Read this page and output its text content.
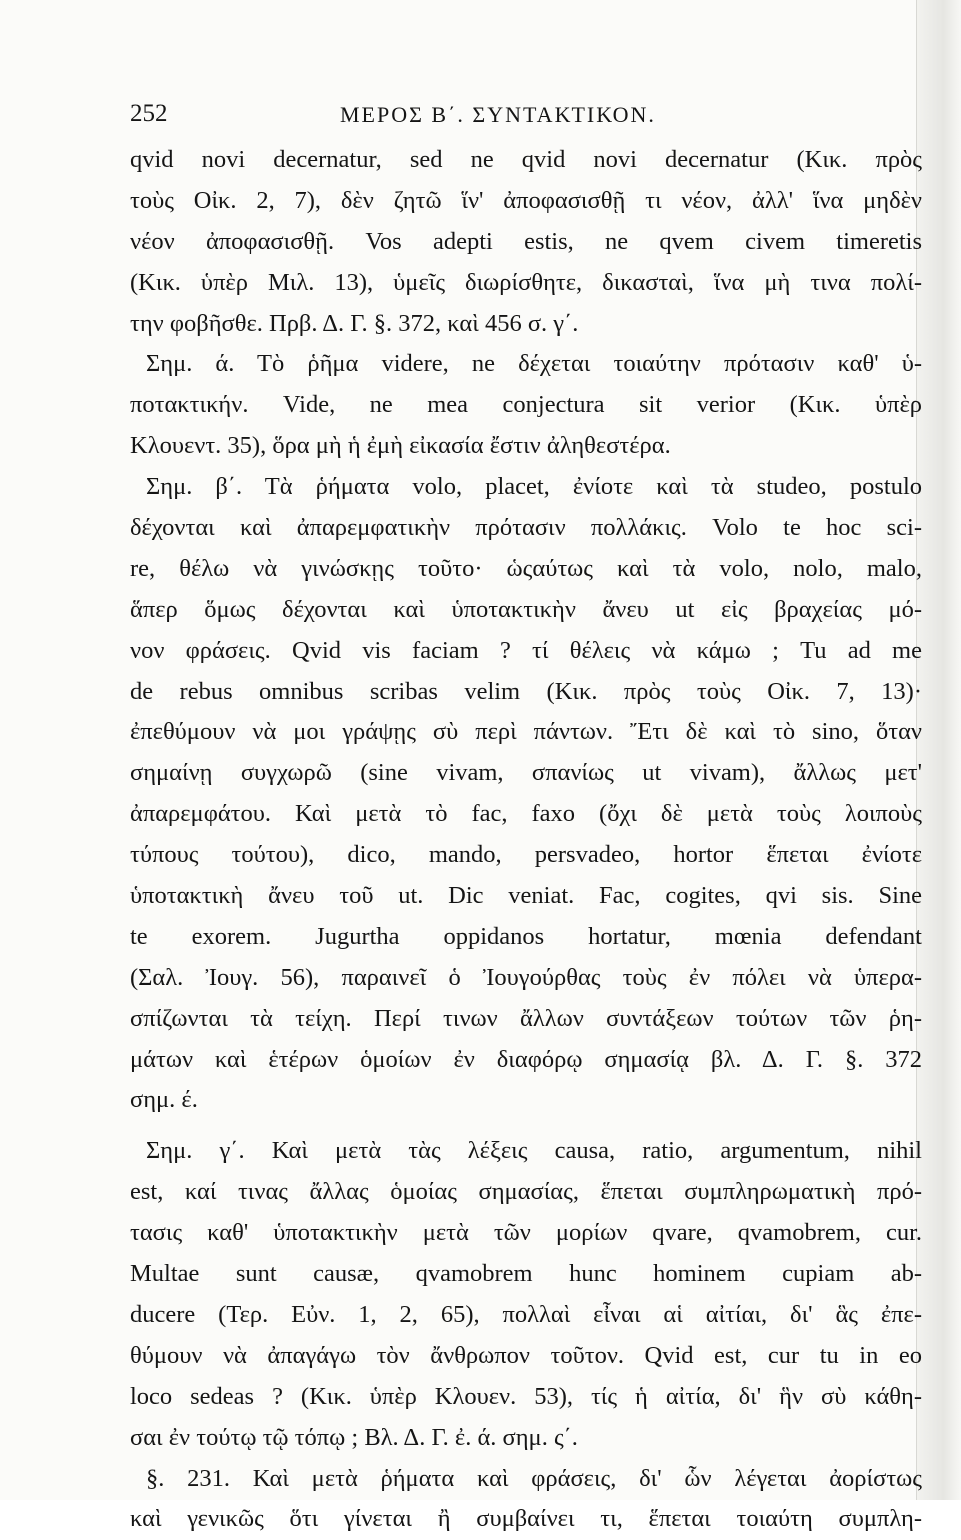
252	ΜΕΡΟΣ Β΄. ΣΥΝΤΑΚΤΙΚΟΝ.
qvid novi decernatur, sed ne qvid novi decernatur (Κικ. πρὸς
τοὺς Οἰκ. 2, 7), δὲν ζητῶ ἵν' ἀποφασισθῇ τι νέον, ἀλλ' ἵνα μηδὲν
νέον ἀποφασισθῇ. Vos adepti estis, ne qvem civem timeretis
(Κικ. ὑπὲρ Μιλ. 13), ὑμεῖς διωρίσθητε, δικασταὶ, ἵνα μὴ τινα πολί-
την φοβῆσθε. Πρβ. Δ. Γ. §. 372, καὶ 456 σ. γ΄.
Σημ. ά. Τὸ ῥῆμα videre, ne δέχεται τοιαύτην πρότασιν καθ' ὑ-
ποτακτικήν. Vide, ne mea conjectura sit verior (Κικ. ὑπὲρ
Κλουεντ. 35), ὅρα μὴ ἡ ἐμὴ εἰκασία ἔστιν ἀληθεστέρα.
Σημ. β΄. Τὰ ῥήματα volo, placet, ἐνίοτε καὶ τὰ studeo, postulo
δέχονται καὶ ἀπαρεμφατικὴν πρότασιν πολλάκις. Volo te hoc sci-
re, θέλω νὰ γινώσκῃς τοῦτο· ὡςαύτως καὶ τὰ volo, nolo, malo,
ἅπερ ὅμως δέχονται καὶ ὑποτακτικὴν ἄνευ ut εἰς βραχείας μό-
νον φράσεις. Qvid vis faciam ? τί θέλεις νὰ κάμω ; Tu ad me
de rebus omnibus scribas velim (Κικ. πρὸς τοὺς Οἰκ. 7, 13)·
ἐπεθύμουν νὰ μοι γράψῃς σὺ περὶ πάντων. Ἔτι δὲ καὶ τὸ sino, ὅταν
σημαίνῃ συγχωρῶ (sine vivam, σπανίως ut vivam), ἄλλως μετ'
ἀπαρεμφάτου. Καὶ μετὰ τὸ fac, faxo (ὄχι δὲ μετὰ τοὺς λοιποὺς
τύπους τούτου), dico, mando, persvadeo, hortor ἕπεται ἐνίοτε
ὑποτακτικὴ ἄνευ τοῦ ut. Dic veniat. Fac, cogites, qvi sis. Sine
te exorem. Jugurtha oppidanos hortatur, mœnia defendant
(Σαλ. Ἰουγ. 56), παραινεῖ ὁ Ἰουγούρθας τοὺς ἐν πόλει νὰ ὑπερα-
σπίζωνται τὰ τείχη. Περί τινων ἄλλων συντάξεων τούτων τῶν ῥη-
μάτων καὶ ἑτέρων ὁμοίων ἐν διαφόρῳ σημασίᾳ βλ. Δ. Γ. §. 372
σημ. έ.
Σημ. γ΄. Καὶ μετὰ τὰς λέξεις causa, ratio, argumentum, nihil
est, καί τινας ἄλλας ὁμοίας σημασίας, ἕπεται συμπληρωματικὴ πρό-
τασις καθ' ὑποτακτικὴν μετὰ τῶν μορίων qvare, qvamobrem, cur.
Multae sunt causæ, qvamobrem hunc hominem cupiam ab-
ducere (Τερ. Εὐν. 1, 2, 65), πολλαὶ εἶναι αἱ αἰτίαι, δι' ἃς ἐπε-
θύμουν νὰ ἀπαγάγω τὸν ἄνθρωπον τοῦτον. Qvid est, cur tu in eo
loco sedeas ? (Κικ. ὑπὲρ Κλουεν. 53), τίς ἡ αἰτία, δι' ἣν σὺ κάθη-
σαι ἐν τούτῳ τῷ τόπῳ ; Βλ. Δ. Γ. ἐ. ά. σημ. ς΄.
§. 231. Καὶ μετὰ ῥήματα καὶ φράσεις, δι' ὧν λέγεται ἀορίστως
καὶ γενικῶς ὅτι γίνεται ἢ συμβαίνει τι, ἕπεται τοιαύτη συμπλη-
